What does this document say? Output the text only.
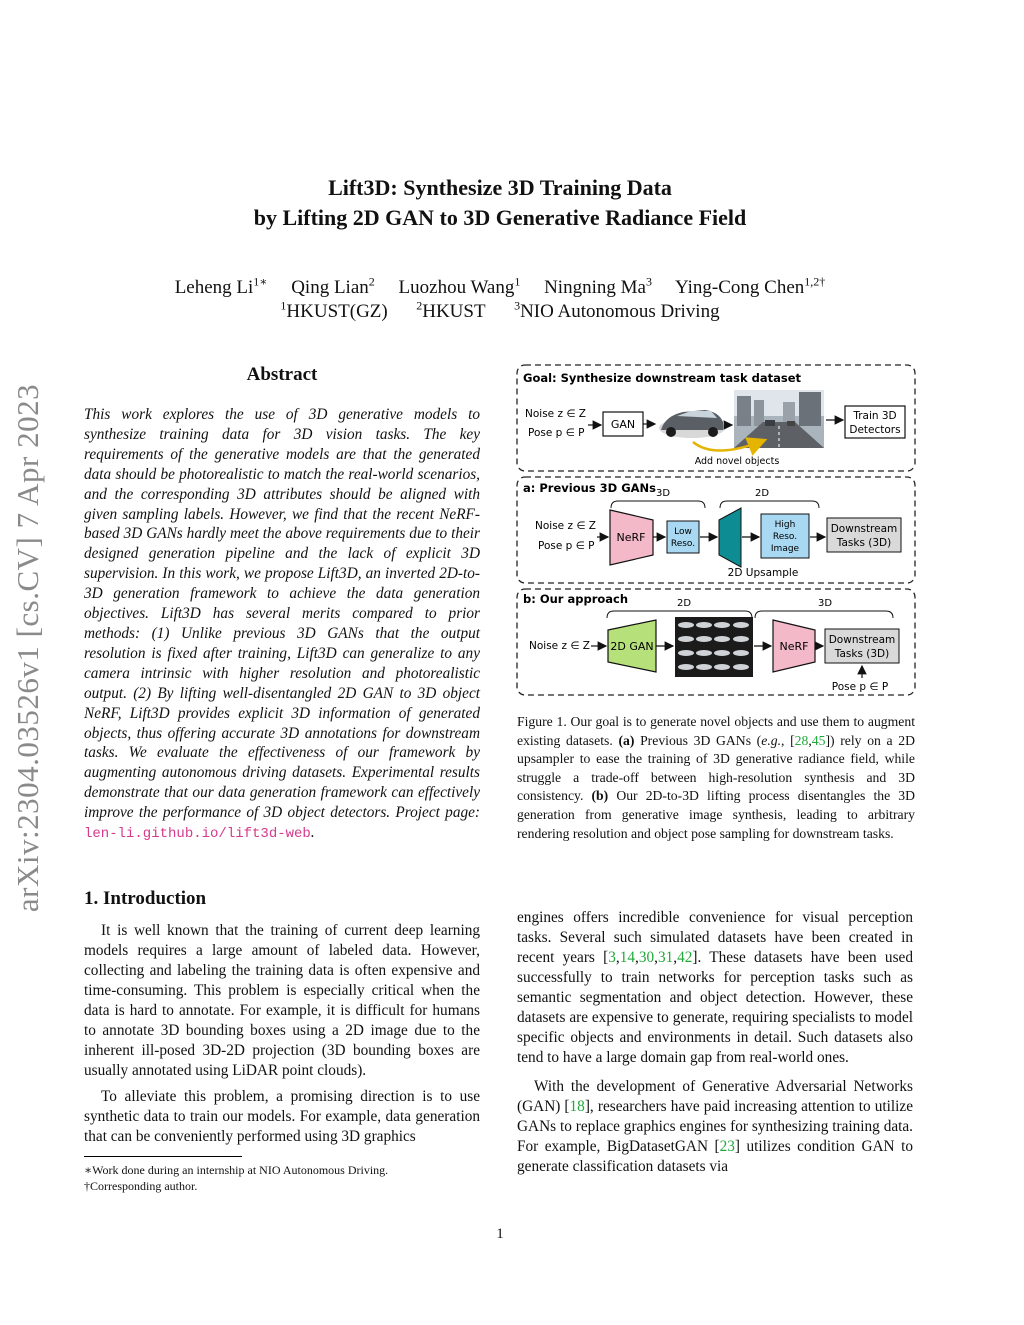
Lift3D: Synthesize 3D Training Data
by Lifting 2D GAN to 3D Generative Radiance Field
Leheng $Li^{1∗}$ Qing Lian$^2$ Luozhou Wang$^1$ Ningning Ma$^3$ Ying-Cong Chen$^{1,2\dagger}$
$^1$HKUST(GZ) $^2$HKUST $^3$NIO Autonomous Driving
arXiv:2304.03526v1 [cs.CV] 7 Apr 2023
Abstract
This work explores the use of 3D generative models to synthesize training data for 3D vision tasks. The key requirements of the generative models are that the generated data should be photorealistic to match the real-world scenarios, and the corresponding 3D attributes should be aligned with given sampling labels. However, we find that the recent NeRF-based 3D GANs hardly meet the above requirements due to their designed generation pipeline and the lack of explicit 3D supervision. In this work, we propose Lift3D, an inverted 2D-to-3D generation framework to achieve the data generation objectives. Lift3D has several merits compared to prior methods: (1) Unlike previous 3D GANs that the output resolution is fixed after training, Lift3D can generalize to any camera intrinsic with higher resolution and photorealistic output. (2) By lifting well-disentangled 2D GAN to 3D object NeRF, Lift3D provides explicit 3D information of generated objects, thus offering accurate 3D annotations for downstream tasks. We evaluate the effectiveness of our framework by augmenting autonomous driving datasets. Experimental results demonstrate that our data generation framework can effectively improve the performance of 3D object detectors. Project page: len-li.github.io/lift3d-web.
1. Introduction

It is well known that the training of current deep learning models requires a large amount of labeled data. However, collecting and labeling the training data is often expensive and time-consuming. This problem is especially critical when the data is hard to annotate. For example, it is difficult for humans to annotate 3D bounding boxes using a 2D image due to the inherent ill-posed 3D-2D projection (3D bounding boxes are usually annotated using LiDAR point clouds).

To alleviate this problem, a promising direction is to use synthetic data to train our models. For example, data generation that can be conveniently performed using 3D graphics

∗Work done during an internship at NIO Autonomous Driving.
†Corresponding author.

engines offers incredible convenience for visual perception tasks. Several such simulated datasets have been created in recent years [3,14,30,31,42]. These datasets have been used successfully to train networks for perception tasks such as semantic segmentation and object detection. However, these datasets are expensive to generate, requiring specialists to model specific objects and environments in detail. Such datasets also tend to have a large domain gap from real-world ones.

With the development of Generative Adversarial Networks (GAN) [18], researchers have paid increasing attention to utilize GANs to replace graphics engines for synthesizing training data. For example, BigDatasetGAN [23] utilizes condition GAN to generate classification datasets via

Goal: Synthesize downstream task dataset
Noise z ∈ Z
Pose p ∈ P
GAN
Add novel objects
Train 3D
Detectors
a: Previous 3D GANs 3D	2D
Noise z ∈ Z
Pose p ∈ P
NeRF	Low
Reso.
High
Reso.
Image
Downstream
Tasks (3D)
2D Upsample
b: Our approach	2D	3D
Noise z ∈ Z 2D GAN	NeRF Downstream
Tasks (3D)
Pose p ∈ P
Figure 1. Our goal is to generate novel objects and use them to augment existing datasets. (a) Previous 3D GANs (e.g., [28,45]) rely on a 2D upsampler to ease the training of 3D generative radiance field, while struggle a trade-off between high-resolution synthesis and 3D consistency. (b) Our 2D-to-3D lifting process disentangles the 3D generation from generative image synthesis, leading to arbitrary rendering resolution and object pose sampling for downstream tasks.
1
